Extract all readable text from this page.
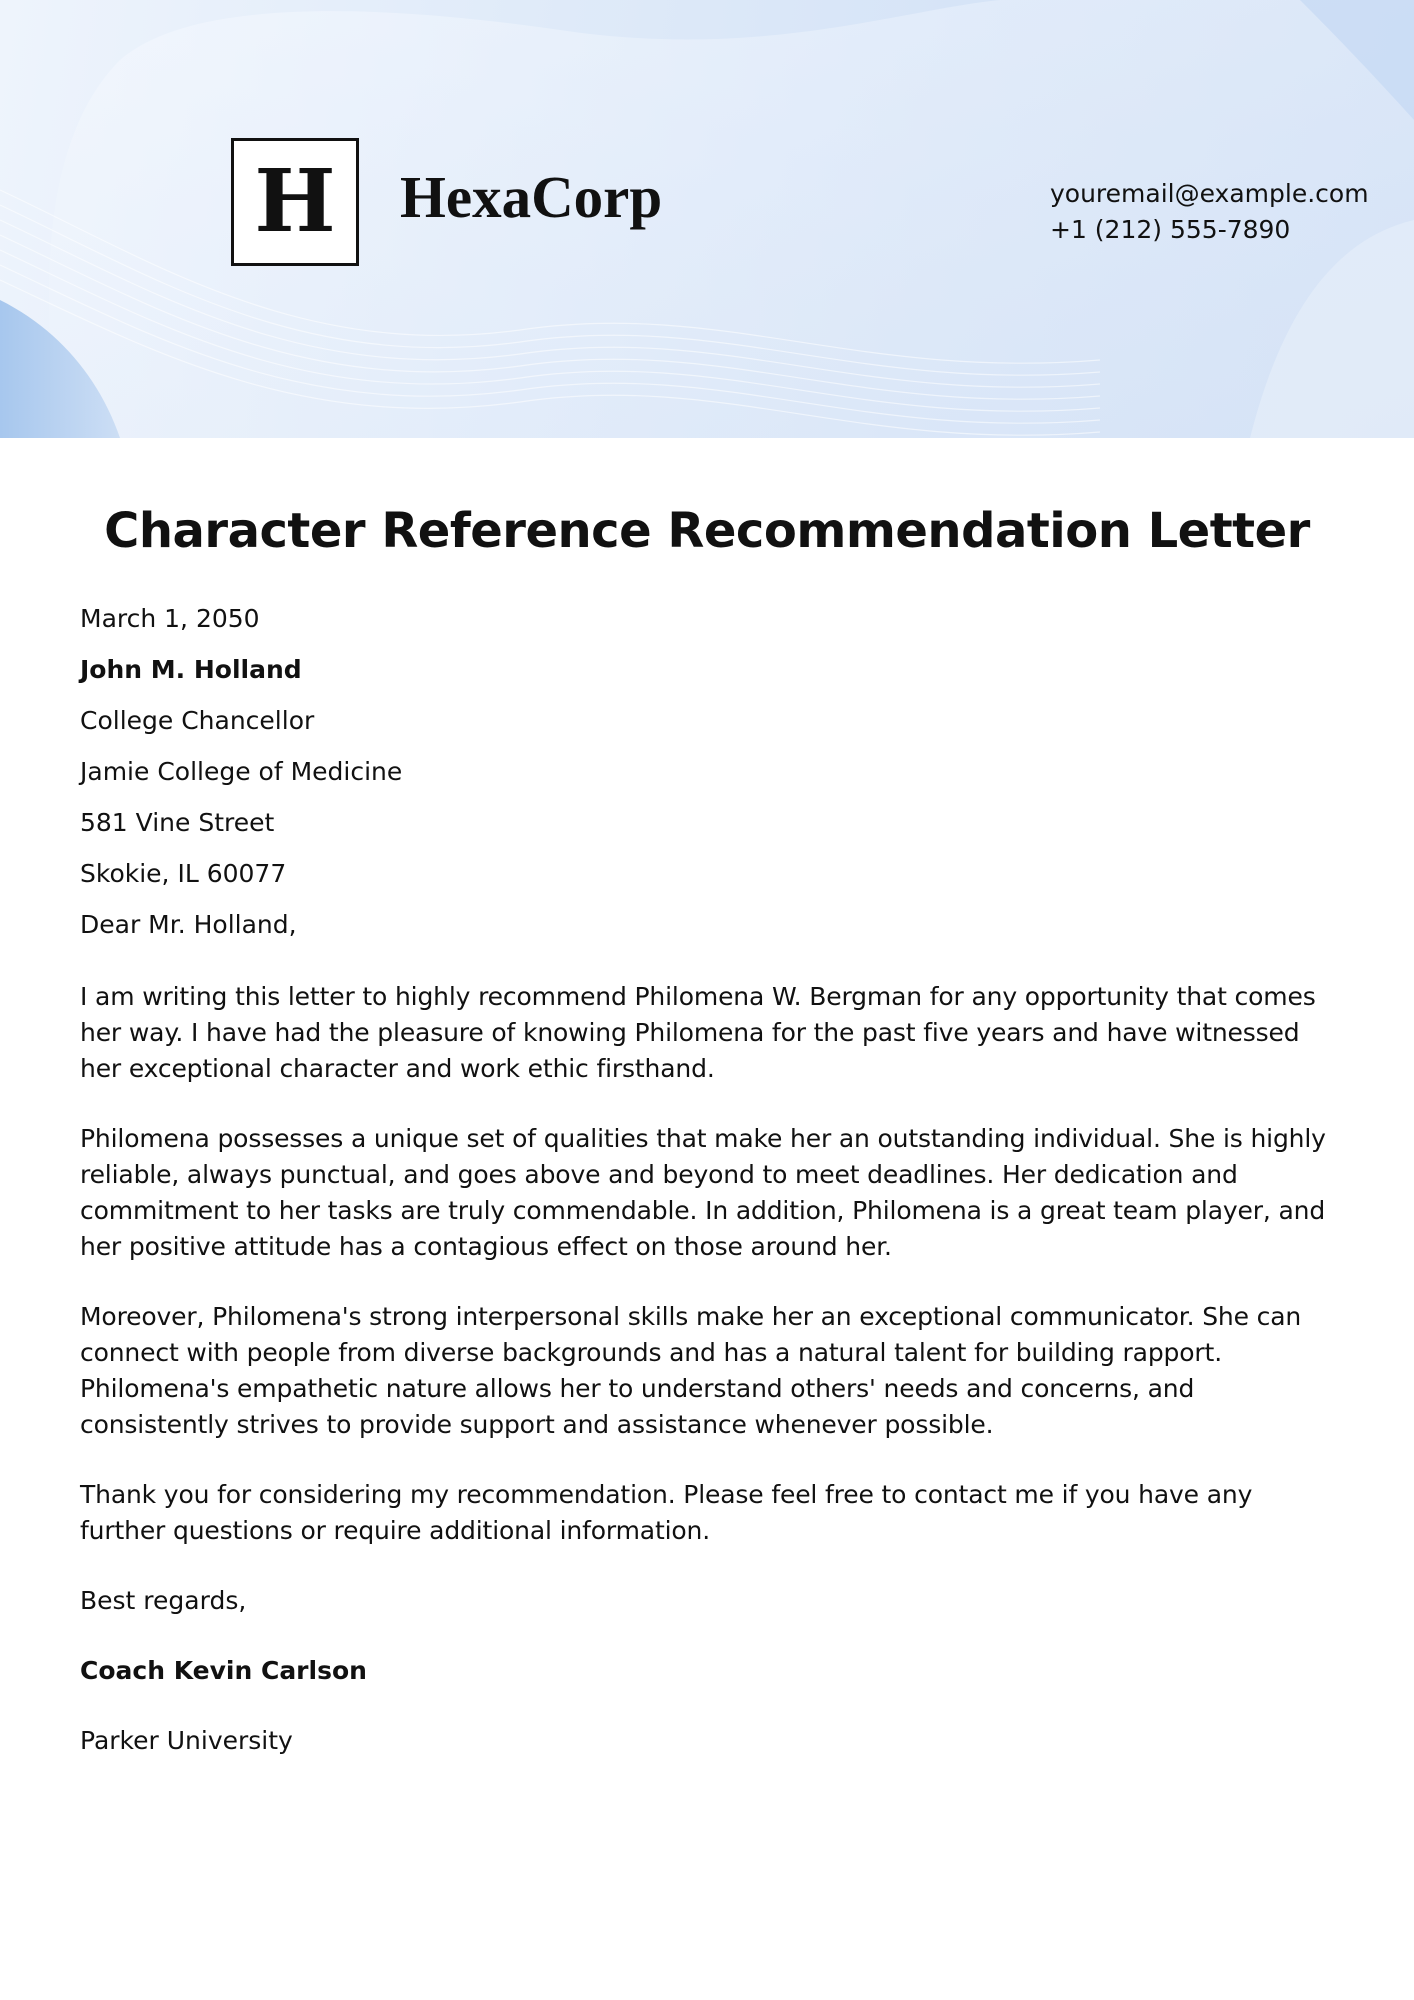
H HexaCorp	youremail@example.com
+1 (212) 555-7890
Character Reference Recommendation Letter
March 1, 2050
John M. Holland
College Chancellor
Jamie College of Medicine
581 Vine Street
Skokie, IL 60077
Dear Mr. Holland,
I am writing this letter to highly recommend Philomena W. Bergman for any opportunity that comes her way. I have had the pleasure of knowing Philomena for the past five years and have witnessed her exceptional character and work ethic firsthand.
Philomena possesses a unique set of qualities that make her an outstanding individual. She is highly reliable, always punctual, and goes above and beyond to meet deadlines. Her dedication and commitment to her tasks are truly commendable. In addition, Philomena is a great team player, and her positive attitude has a contagious effect on those around her.
Moreover, Philomena's strong interpersonal skills make her an exceptional communicator. She can connect with people from diverse backgrounds and has a natural talent for building rapport. Philomena's empathetic nature allows her to understand others' needs and concerns, and consistently strives to provide support and assistance whenever possible.
Thank you for considering my recommendation. Please feel free to contact me if you have any further questions or require additional information.
Best regards,
Coach Kevin Carlson
Parker University
